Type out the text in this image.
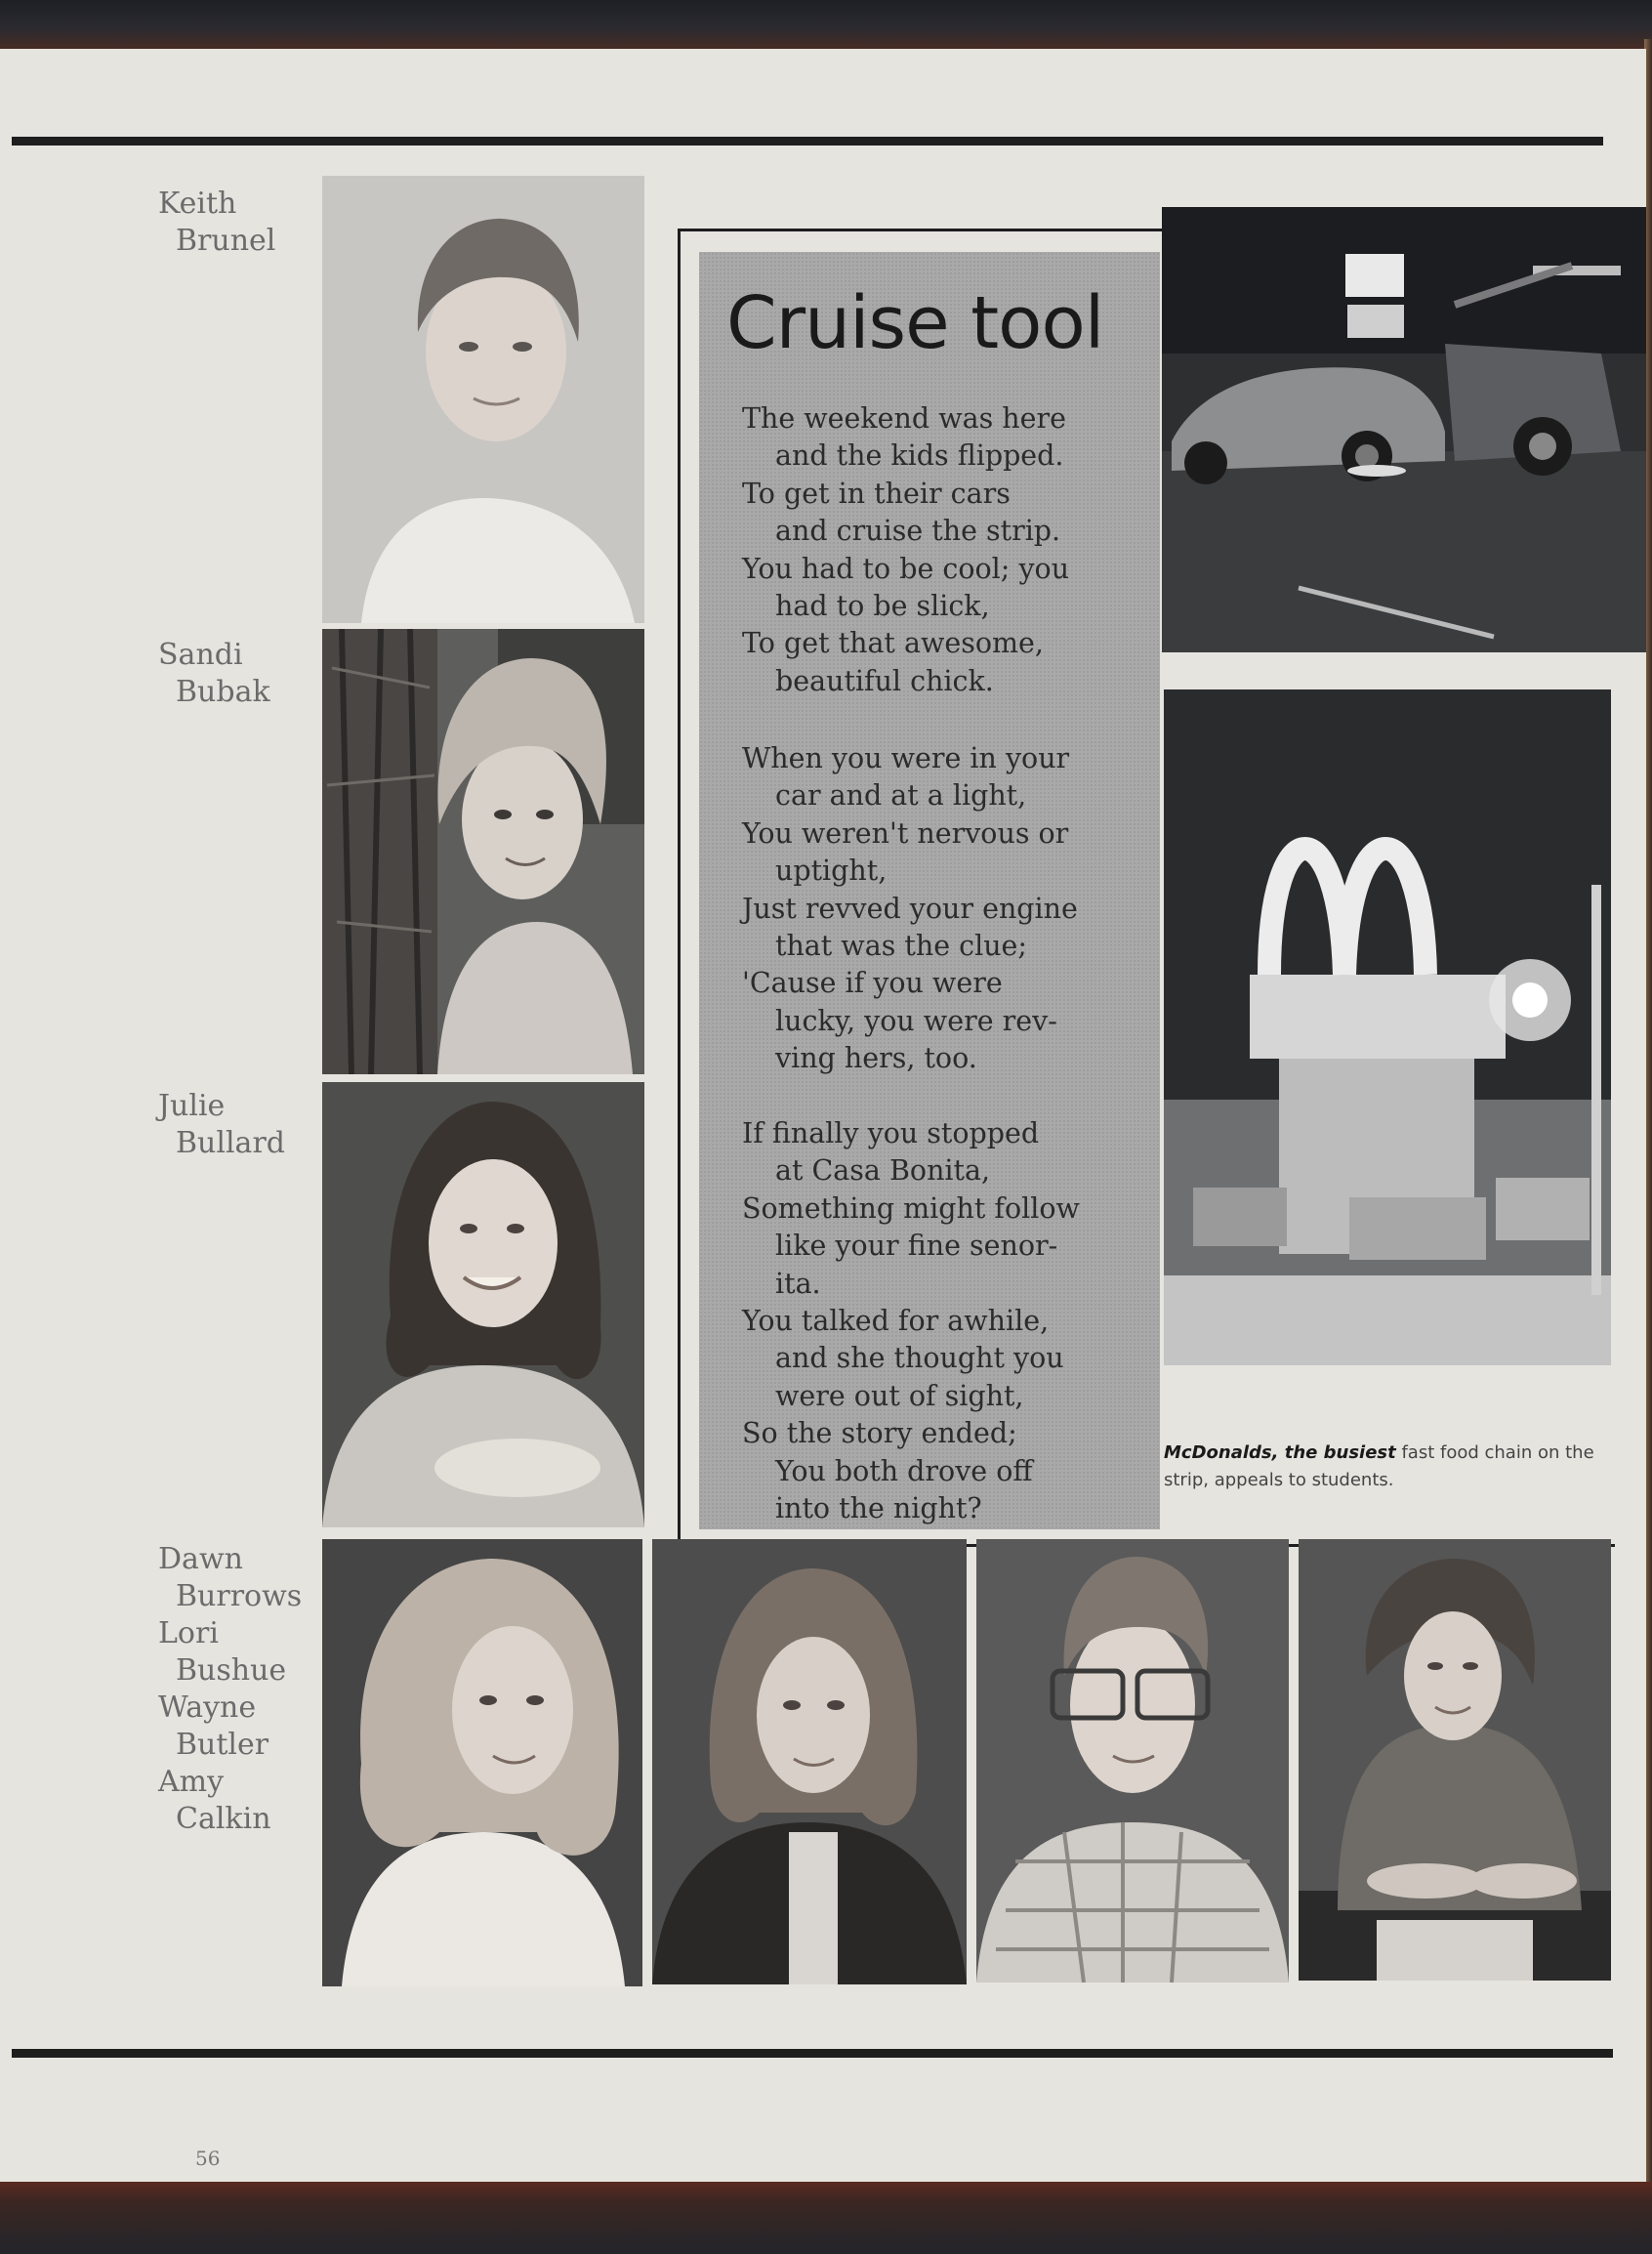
Keith
Brunel
Sandi
Bubak
Julie
Bullard
Dawn
Burrows
Lori
Bushue
Wayne
Butler
Amy
Calkin
Cruise tool
The weekend was here
and the kids flipped.
To get in their cars
and cruise the strip.
You had to be cool; you
had to be slick,
To get that awesome,
beautiful chick.
When you were in your
car and at a light,
You weren't nervous or
uptight,
Just revved your engine
that was the clue;
'Cause if you were
lucky, you were rev-
ving hers, too.
If finally you stopped
at Casa Bonita,
Something might follow
like your fine senor-
ita.
You talked for awhile,
and she thought you
were out of sight,
So the story ended;
You both drove off
into the night?
McDonalds, the busiest fast food chain on the strip, appeals to students.
56
